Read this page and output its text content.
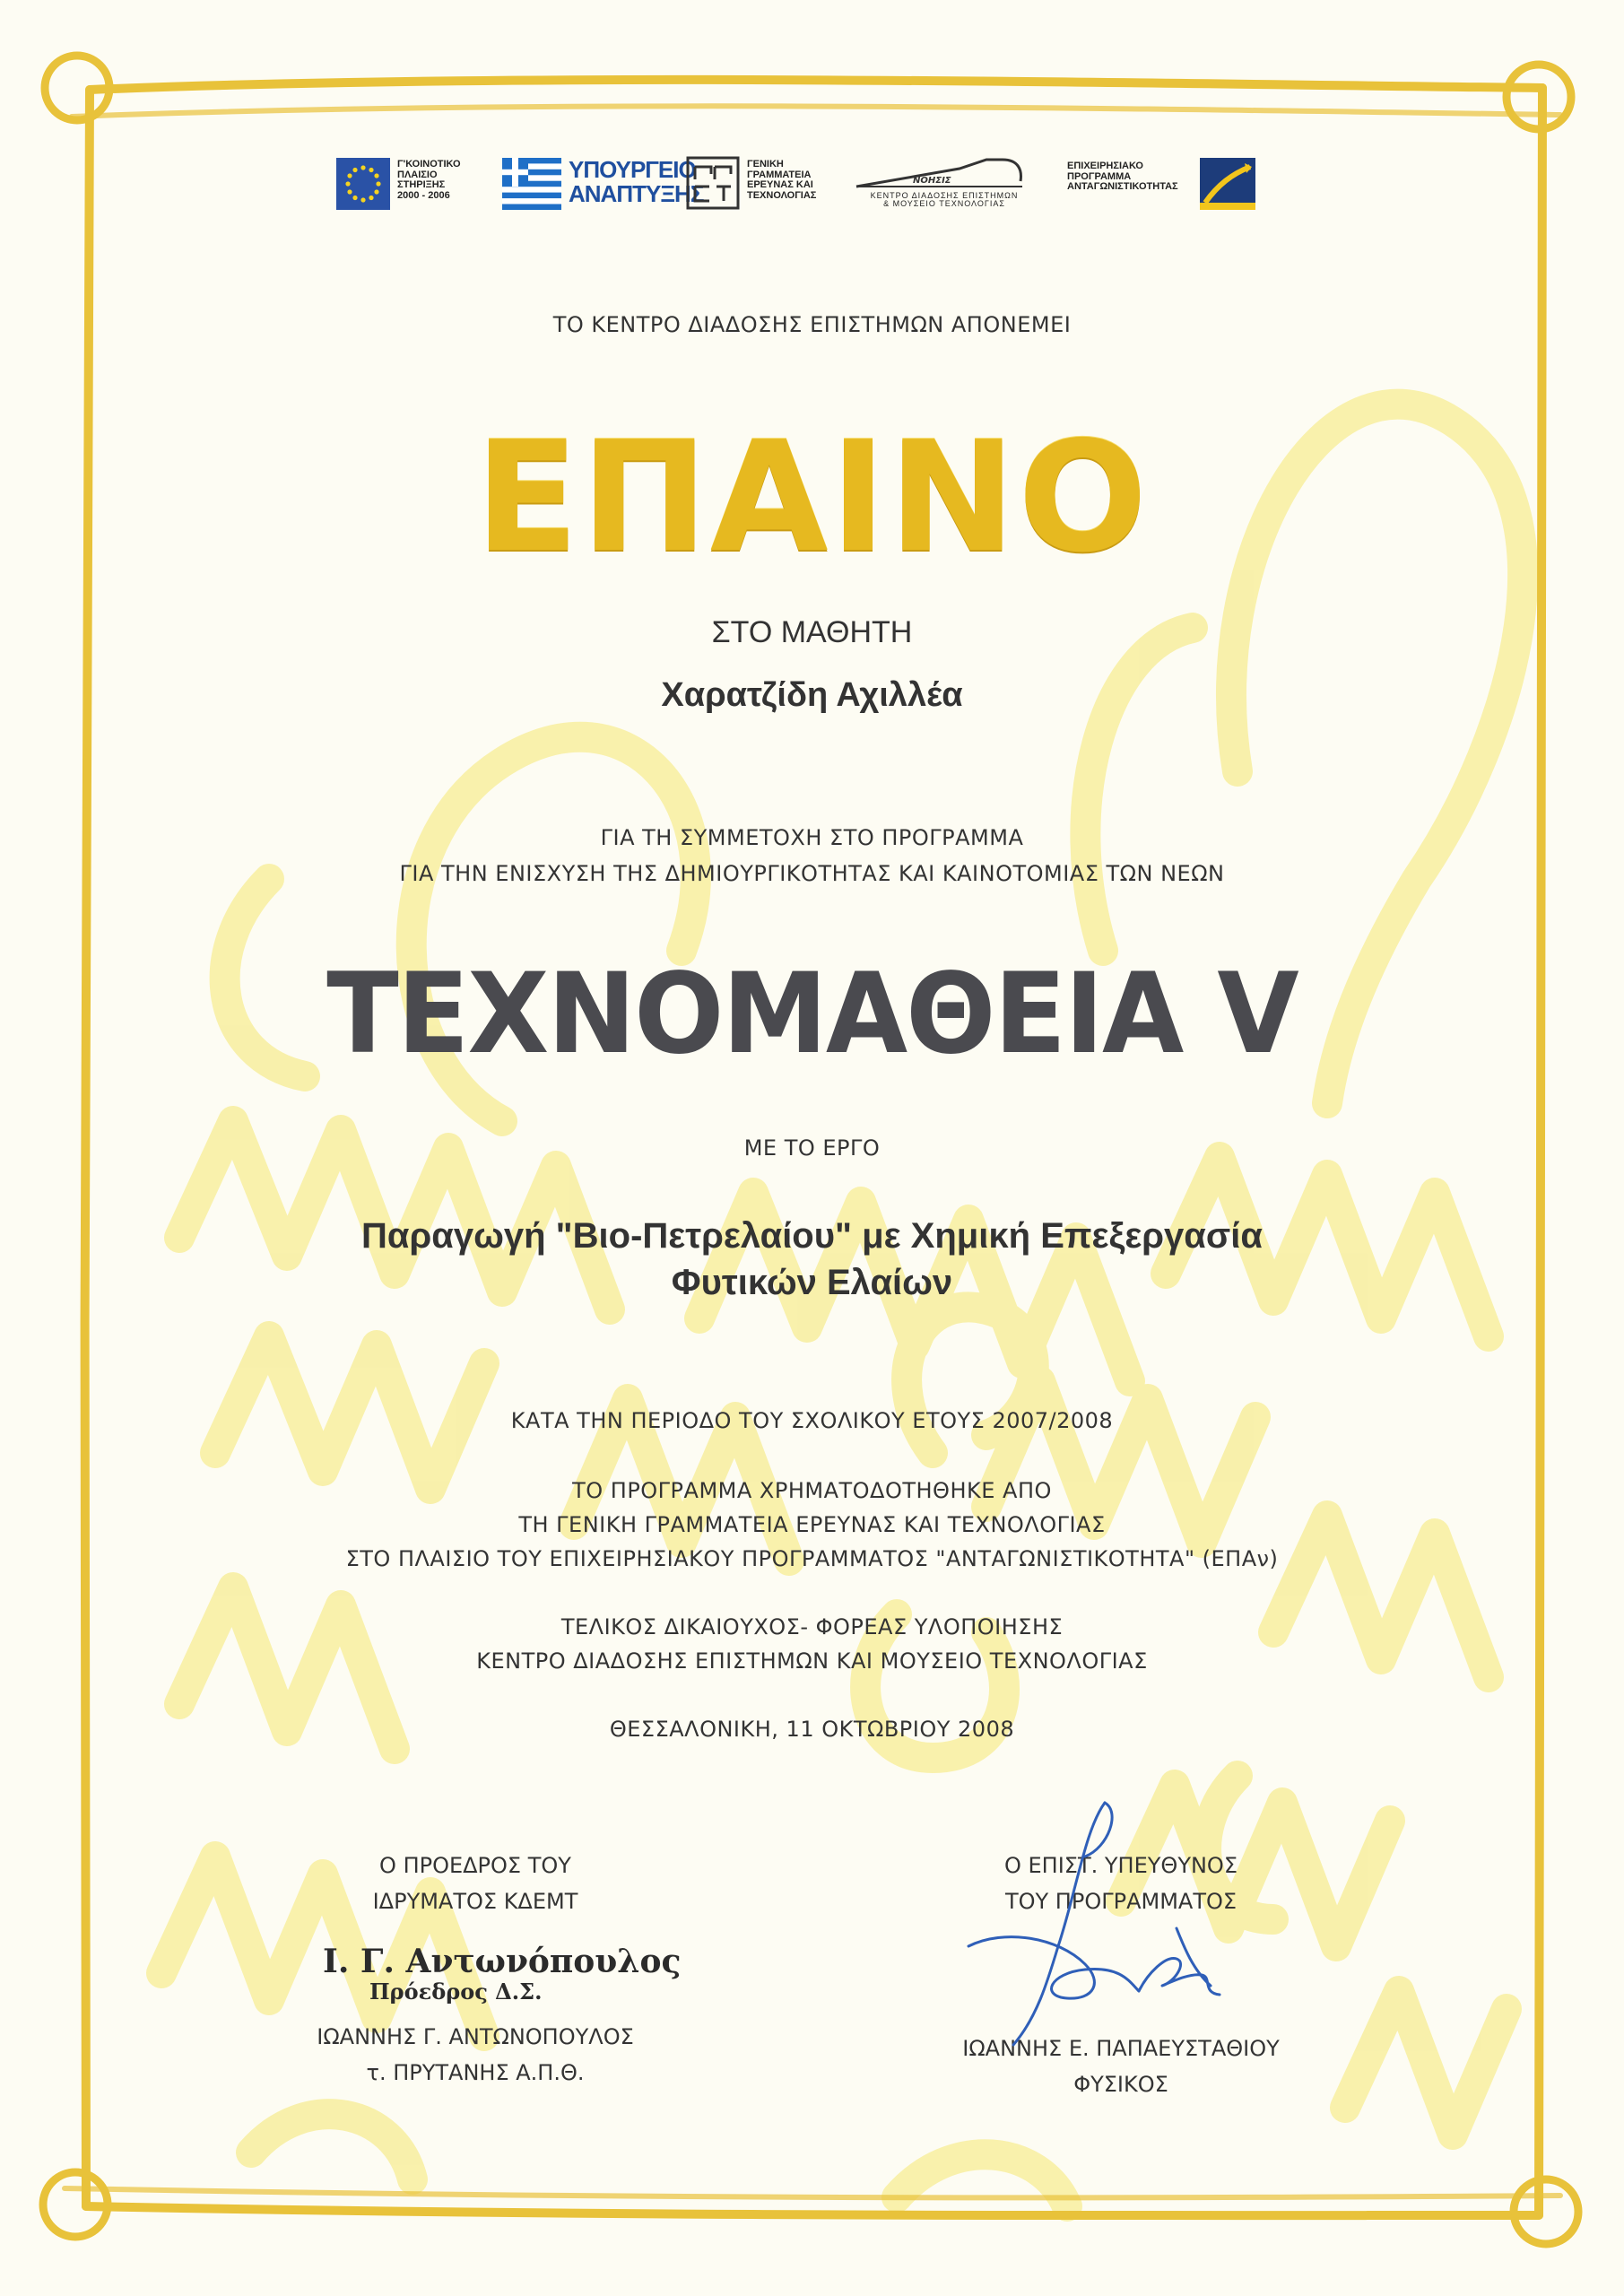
Γ'ΚΟΙΝΟΤΙΚΟ
ΠΛΑΙΣΙΟ
ΣΤΗΡΙΞΗΣ
2000 - 2006
ΥΠΟΥΡΓΕΙΟ
ΑΝΑΠΤΥΞΗΣ
ΓΕΝΙΚΗ
ΓΡΑΜΜΑΤΕΙΑ
ΕΡΕΥΝΑΣ ΚΑΙ
ΤΕΧΝΟΛΟΓΙΑΣ
ΝΟΗΣΙΣ
ΚΕΝΤΡΟ ΔΙΑΔΟΣΗΣ ΕΠΙΣΤΗΜΩΝ
& ΜΟΥΣΕΙΟ ΤΕΧΝΟΛΟΓΙΑΣ
ΕΠΙΧΕΙΡΗΣΙΑΚΟ
ΠΡΟΓΡΑΜΜΑ
ΑΝΤΑΓΩΝΙΣΤΙΚΟΤΗΤΑΣ
ΤΟ ΚΕΝΤΡΟ ΔΙΑΔΟΣΗΣ ΕΠΙΣΤΗΜΩΝ ΑΠΟΝΕΜΕΙ
ΕΠΑΙΝΟ
ΣΤΟ ΜΑΘΗΤΗ
Χαρατζίδη Αχιλλέα
ΓΙΑ ΤΗ ΣΥΜΜΕΤΟΧΗ ΣΤΟ ΠΡΟΓΡΑΜΜΑ
ΓΙΑ ΤΗΝ ΕΝΙΣΧΥΣΗ ΤΗΣ ΔΗΜΙΟΥΡΓΙΚΟΤΗΤΑΣ ΚΑΙ ΚΑΙΝΟΤΟΜΙΑΣ ΤΩΝ ΝΕΩΝ
ΤΕΧΝΟΜΑΘΕΙΑ V
ΜΕ ΤΟ ΕΡΓΟ
Παραγωγή "Βιο-Πετρελαίου" με Χημική Επεξεργασία
Φυτικών Ελαίων
ΚΑΤΑ ΤΗΝ ΠΕΡΙΟΔΟ ΤΟΥ ΣΧΟΛΙΚΟΥ ΕΤΟΥΣ 2007/2008
ΤΟ ΠΡΟΓΡΑΜΜΑ ΧΡΗΜΑΤΟΔΟΤΗΘΗΚΕ ΑΠΟ
ΤΗ ΓΕΝΙΚΗ ΓΡΑΜΜΑΤΕΙΑ ΕΡΕΥΝΑΣ ΚΑΙ ΤΕΧΝΟΛΟΓΙΑΣ
ΣΤΟ ΠΛΑΙΣΙΟ ΤΟΥ ΕΠΙΧΕΙΡΗΣΙΑΚΟΥ ΠΡΟΓΡΑΜΜΑΤΟΣ "ΑΝΤΑΓΩΝΙΣΤΙΚΟΤΗΤΑ" (ΕΠΑν)
ΤΕΛΙΚΟΣ ΔΙΚΑΙΟΥΧΟΣ- ΦΟΡΕΑΣ ΥΛΟΠΟΙΗΣΗΣ
ΚΕΝΤΡΟ ΔΙΑΔΟΣΗΣ ΕΠΙΣΤΗΜΩΝ ΚΑΙ ΜΟΥΣΕΙΟ ΤΕΧΝΟΛΟΓΙΑΣ
ΘΕΣΣΑΛΟΝΙΚΗ, 11 ΟΚΤΩΒΡΙΟΥ 2008
Ο ΠΡΟΕΔΡΟΣ ΤΟΥ
ΙΔΡΥΜΑΤΟΣ ΚΔΕΜΤ
Ι. Γ. Αντωνόπουλος
Πρόεδρος Δ.Σ.
ΙΩΑΝΝΗΣ Γ. ΑΝΤΩΝΟΠΟΥΛΟΣ
τ. ΠΡΥΤΑΝΗΣ Α.Π.Θ.
Ο ΕΠΙΣΤ. ΥΠΕΥΘΥΝΟΣ
ΤΟΥ ΠΡΟΓΡΑΜΜΑΤΟΣ
ΙΩΑΝΝΗΣ Ε. ΠΑΠΑΕΥΣΤΑΘΙΟΥ
ΦΥΣΙΚΟΣ
